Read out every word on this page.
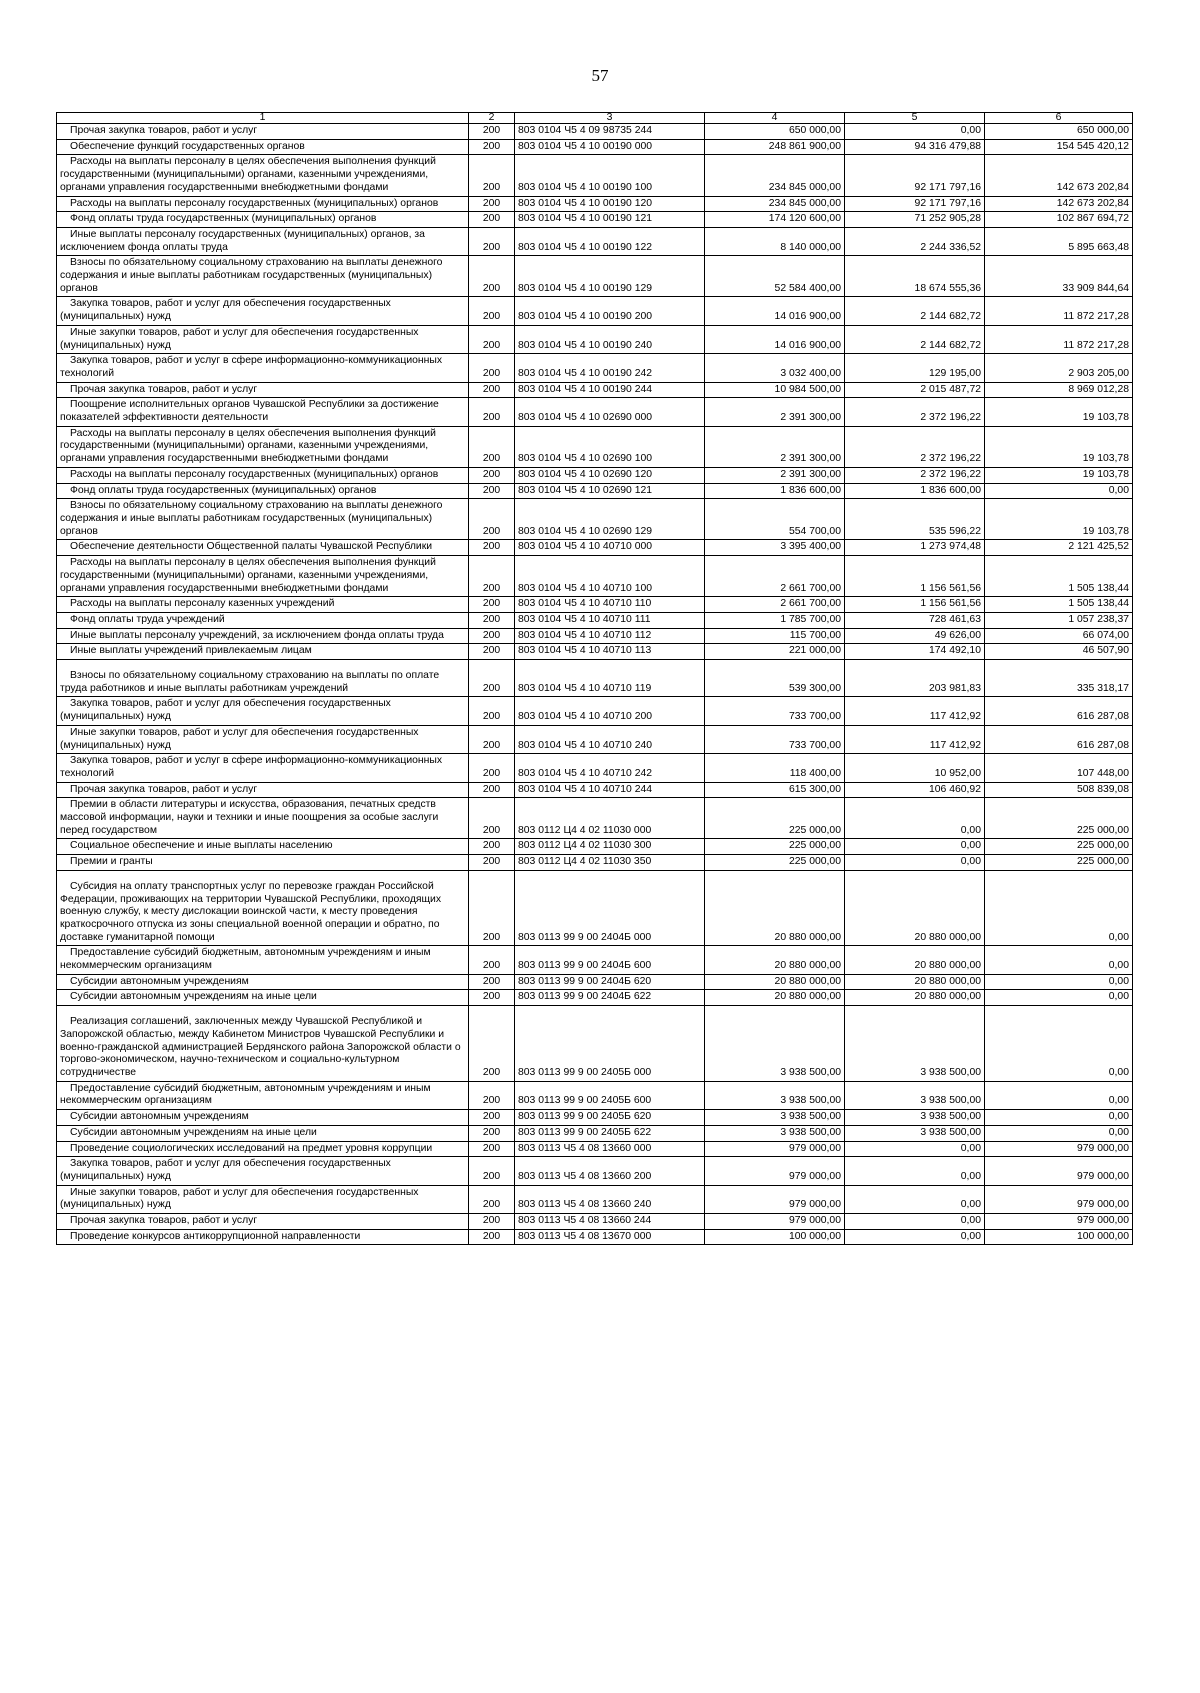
57
1	2	3	4	5	6

Прочая закупка товаров, работ и услуг	200	803 0104 Ч5 4 09 98735 244	650 000,00	0,00	650 000,00

Обеспечение функций государственных органов	200	803 0104 Ч5 4 10 00190 000	248 861 900,00	94 316 479,88	154 545 420,12

Расходы на выплаты персоналу в целях обеспечения выполнения функций государственными (муниципальными) органами, казенными учреждениями, органами управления государственными внебюджетными фондами	200	803 0104 Ч5 4 10 00190 100	234 845 000,00	92 171 797,16	142 673 202,84

Расходы на выплаты персоналу государственных (муниципальных) органов	200	803 0104 Ч5 4 10 00190 120	234 845 000,00	92 171 797,16	142 673 202,84

Фонд оплаты труда государственных (муниципальных) органов	200	803 0104 Ч5 4 10 00190 121	174 120 600,00	71 252 905,28	102 867 694,72

Иные выплаты персоналу государственных (муниципальных) органов, за исключением фонда оплаты труда	200	803 0104 Ч5 4 10 00190 122	8 140 000,00	2 244 336,52	5 895 663,48

Взносы по обязательному социальному страхованию на выплаты денежного содержания и иные выплаты работникам государственных (муниципальных) органов	200	803 0104 Ч5 4 10 00190 129	52 584 400,00	18 674 555,36	33 909 844,64

Закупка товаров, работ и услуг для обеспечения государственных (муниципальных) нужд	200	803 0104 Ч5 4 10 00190 200	14 016 900,00	2 144 682,72	11 872 217,28

Иные закупки товаров, работ и услуг для обеспечения государственных (муниципальных) нужд	200	803 0104 Ч5 4 10 00190 240	14 016 900,00	2 144 682,72	11 872 217,28

Закупка товаров, работ и услуг в сфере информационно-коммуникационных технологий	200	803 0104 Ч5 4 10 00190 242	3 032 400,00	129 195,00	2 903 205,00

Прочая закупка товаров, работ и услуг	200	803 0104 Ч5 4 10 00190 244	10 984 500,00	2 015 487,72	8 969 012,28

Поощрение исполнительных органов Чувашской Республики за достижение показателей эффективности деятельности	200	803 0104 Ч5 4 10 02690 000	2 391 300,00	2 372 196,22	19 103,78

Расходы на выплаты персоналу в целях обеспечения выполнения функций государственными (муниципальными) органами, казенными учреждениями, органами управления государственными внебюджетными фондами	200	803 0104 Ч5 4 10 02690 100	2 391 300,00	2 372 196,22	19 103,78

Расходы на выплаты персоналу государственных (муниципальных) органов	200	803 0104 Ч5 4 10 02690 120	2 391 300,00	2 372 196,22	19 103,78

Фонд оплаты труда государственных (муниципальных) органов	200	803 0104 Ч5 4 10 02690 121	1 836 600,00	1 836 600,00	0,00

Взносы по обязательному социальному страхованию на выплаты денежного содержания и иные выплаты работникам государственных (муниципальных) органов	200	803 0104 Ч5 4 10 02690 129	554 700,00	535 596,22	19 103,78

Обеспечение деятельности Общественной палаты Чувашской Республики	200	803 0104 Ч5 4 10 40710 000	3 395 400,00	1 273 974,48	2 121 425,52

Расходы на выплаты персоналу в целях обеспечения выполнения функций государственными (муниципальными) органами, казенными учреждениями, органами управления государственными внебюджетными фондами	200	803 0104 Ч5 4 10 40710 100	2 661 700,00	1 156 561,56	1 505 138,44

Расходы на выплаты персоналу казенных учреждений	200	803 0104 Ч5 4 10 40710 110	2 661 700,00	1 156 561,56	1 505 138,44

Фонд оплаты труда учреждений	200	803 0104 Ч5 4 10 40710 111	1 785 700,00	728 461,63	1 057 238,37

Иные выплаты персоналу учреждений, за исключением фонда оплаты труда	200	803 0104 Ч5 4 10 40710 112	115 700,00	49 626,00	66 074,00

Иные выплаты учреждений привлекаемым лицам	200	803 0104 Ч5 4 10 40710 113	221 000,00	174 492,10	46 507,90

Взносы по обязательному социальному страхованию на выплаты по оплате труда работников и иные выплаты работникам учреждений	200	803 0104 Ч5 4 10 40710 119	539 300,00	203 981,83	335 318,17

Закупка товаров, работ и услуг для обеспечения государственных (муниципальных) нужд	200	803 0104 Ч5 4 10 40710 200	733 700,00	117 412,92	616 287,08

Иные закупки товаров, работ и услуг для обеспечения государственных (муниципальных) нужд	200	803 0104 Ч5 4 10 40710 240	733 700,00	117 412,92	616 287,08

Закупка товаров, работ и услуг в сфере информационно-коммуникационных технологий	200	803 0104 Ч5 4 10 40710 242	118 400,00	10 952,00	107 448,00

Прочая закупка товаров, работ и услуг	200	803 0104 Ч5 4 10 40710 244	615 300,00	106 460,92	508 839,08

Премии в области литературы и искусства, образования, печатных средств массовой информации, науки и техники и иные поощрения за особые заслуги перед государством	200	803 0112 Ц4 4 02 11030 000	225 000,00	0,00	225 000,00

Социальное обеспечение и иные выплаты населению	200	803 0112 Ц4 4 02 11030 300	225 000,00	0,00	225 000,00

Премии и гранты	200	803 0112 Ц4 4 02 11030 350	225 000,00	0,00	225 000,00

Субсидия на оплату транспортных услуг по перевозке граждан Российской Федерации, проживающих на территории Чувашской Республики, проходящих военную службу, к месту дислокации воинской части, к месту проведения краткосрочного отпуска из зоны специальной военной операции и обратно, по доставке гуманитарной помощи	200	803 0113 99 9 00 2404Б 000	20 880 000,00	20 880 000,00	0,00

Предоставление субсидий бюджетным, автономным учреждениям и иным некоммерческим организациям	200	803 0113 99 9 00 2404Б 600	20 880 000,00	20 880 000,00	0,00

Субсидии автономным учреждениям	200	803 0113 99 9 00 2404Б 620	20 880 000,00	20 880 000,00	0,00

Субсидии автономным учреждениям на иные цели	200	803 0113 99 9 00 2404Б 622	20 880 000,00	20 880 000,00	0,00

Реализация соглашений, заключенных между Чувашской Республикой и Запорожской областью, между Кабинетом Министров Чувашской Республики и военно-гражданской администрацией Бердянского района Запорожской области о торгово-экономическом, научно-техническом и социально-культурном сотрудничестве	200	803 0113 99 9 00 2405Б 000	3 938 500,00	3 938 500,00	0,00

Предоставление субсидий бюджетным, автономным учреждениям и иным некоммерческим организациям	200	803 0113 99 9 00 2405Б 600	3 938 500,00	3 938 500,00	0,00

Субсидии автономным учреждениям	200	803 0113 99 9 00 2405Б 620	3 938 500,00	3 938 500,00	0,00

Субсидии автономным учреждениям на иные цели	200	803 0113 99 9 00 2405Б 622	3 938 500,00	3 938 500,00	0,00

Проведение социологических исследований на предмет уровня коррупции	200	803 0113 Ч5 4 08 13660 000	979 000,00	0,00	979 000,00

Закупка товаров, работ и услуг для обеспечения государственных (муниципальных) нужд	200	803 0113 Ч5 4 08 13660 200	979 000,00	0,00	979 000,00

Иные закупки товаров, работ и услуг для обеспечения государственных (муниципальных) нужд	200	803 0113 Ч5 4 08 13660 240	979 000,00	0,00	979 000,00

Прочая закупка товаров, работ и услуг	200	803 0113 Ч5 4 08 13660 244	979 000,00	0,00	979 000,00

Проведение конкурсов антикоррупционной направленности	200	803 0113 Ч5 4 08 13670 000	100 000,00	0,00	100 000,00
